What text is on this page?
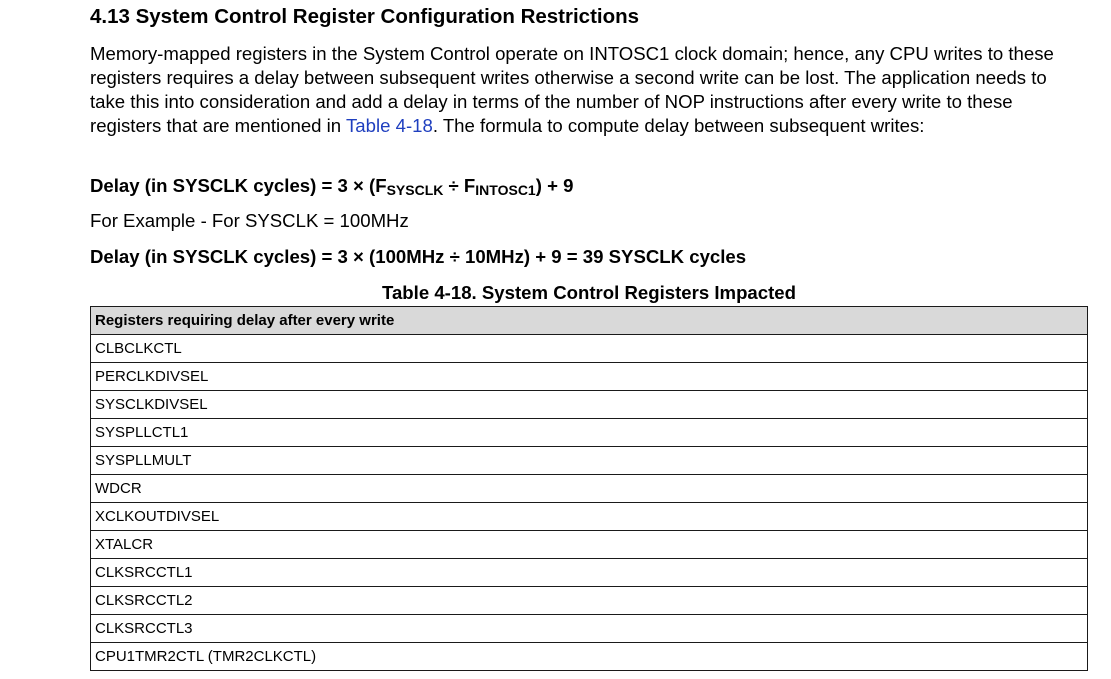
4.13 System Control Register Configuration Restrictions

Memory-mapped registers in the System Control operate on INTOSC1 clock domain; hence, any CPU writes to these registers requires a delay between subsequent writes otherwise a second write can be lost. The application needs to take this into consideration and add a delay in terms of the number of NOP instructions after every write to these registers that are mentioned in Table 4-18. The formula to compute delay between subsequent writes:

Delay (in SYSCLK cycles) = $3 \times (F_{SYSCLK} \div F_{INTOSC1}) + 9$

For Example - For SYSCLK = 100MHz

Delay (in SYSCLK cycles) = 3 × (100MHz ÷ 10MHz) + 9 = 39 SYSCLK cycles

Table 4-18. System Control Registers Impacted

Registers requiring delay after every write
CLBCLKCTL
PERCLKDIVSEL
SYSCLKDIVSEL
SYSPLLCTL1
SYSPLLMULT
WDCR
XCLKOUTDIVSEL
XTALCR
CLKSRCCTL1
CLKSRCCTL2
CLKSRCCTL3
CPU1TMR2CTL (TMR2CLKCTL)
